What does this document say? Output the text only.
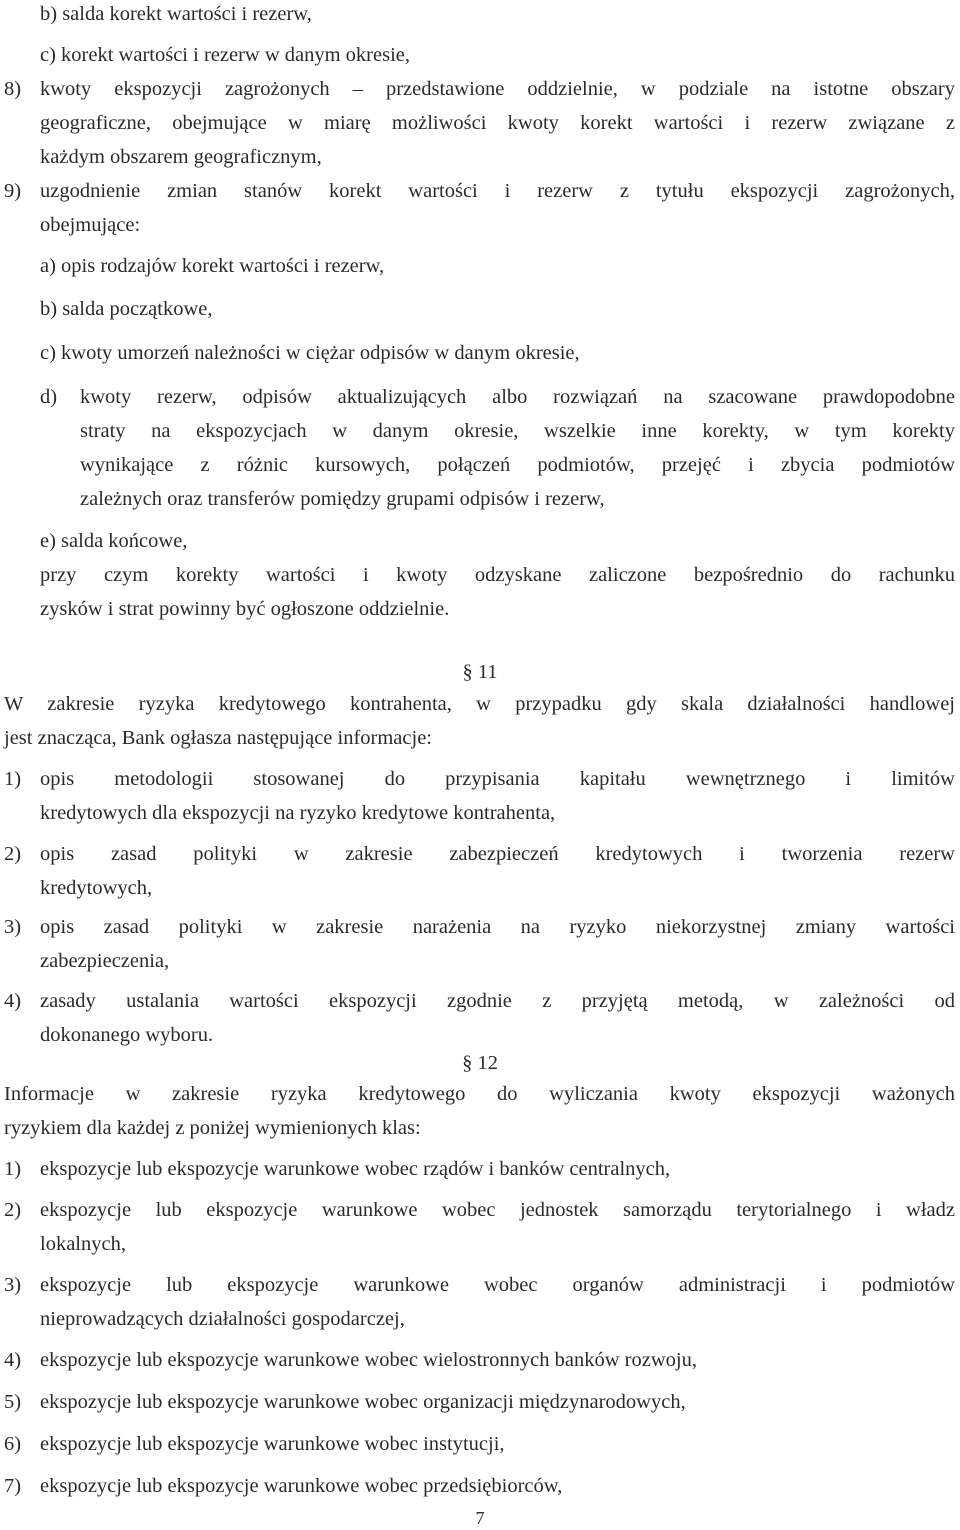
b) salda korekt wartości i rezerw,
c) korekt wartości i rezerw w danym okresie,
8) kwoty ekspozycji zagrożonych – przedstawione oddzielnie, w podziale na istotne obszary
geograficzne, obejmujące w miarę możliwości kwoty korekt wartości i rezerw związane z
każdym obszarem geograficznym,
9) uzgodnienie zmian stanów korekt wartości i rezerw z tytułu ekspozycji zagrożonych,
obejmujące:
a) opis rodzajów korekt wartości i rezerw,
b) salda początkowe,
c) kwoty umorzeń należności w ciężar odpisów w danym okresie,
d) kwoty rezerw, odpisów aktualizujących albo rozwiązań na szacowane prawdopodobne
straty na ekspozycjach w danym okresie, wszelkie inne korekty, w tym korekty
wynikające z różnic kursowych, połączeń podmiotów, przejęć i zbycia podmiotów
zależnych oraz transferów pomiędzy grupami odpisów i rezerw,
e) salda końcowe,
przy czym korekty wartości i kwoty odzyskane zaliczone bezpośrednio do rachunku
zysków i strat powinny być ogłoszone oddzielnie.
§ 11
W zakresie ryzyka kredytowego kontrahenta, w przypadku gdy skala działalności handlowej
jest znacząca, Bank ogłasza następujące informacje:
1) opis metodologii stosowanej do przypisania kapitału wewnętrznego i limitów
kredytowych dla ekspozycji na ryzyko kredytowe kontrahenta,
2) opis zasad polityki w zakresie zabezpieczeń kredytowych i tworzenia rezerw
kredytowych,
3) opis zasad polityki w zakresie narażenia na ryzyko niekorzystnej zmiany wartości
zabezpieczenia,
4) zasady ustalania wartości ekspozycji zgodnie z przyjętą metodą, w zależności od
dokonanego wyboru.
§ 12
Informacje w zakresie ryzyka kredytowego do wyliczania kwoty ekspozycji ważonych
ryzykiem dla każdej z poniżej wymienionych klas:
1) ekspozycje lub ekspozycje warunkowe wobec rządów i banków centralnych,
2) ekspozycje lub ekspozycje warunkowe wobec jednostek samorządu terytorialnego i władz
lokalnych,
3) ekspozycje lub ekspozycje warunkowe wobec organów administracji i podmiotów
nieprowadzących działalności gospodarczej,
4) ekspozycje lub ekspozycje warunkowe wobec wielostronnych banków rozwoju,
5) ekspozycje lub ekspozycje warunkowe wobec organizacji międzynarodowych,
6) ekspozycje lub ekspozycje warunkowe wobec instytucji,
7) ekspozycje lub ekspozycje warunkowe wobec przedsiębiorców,
7
